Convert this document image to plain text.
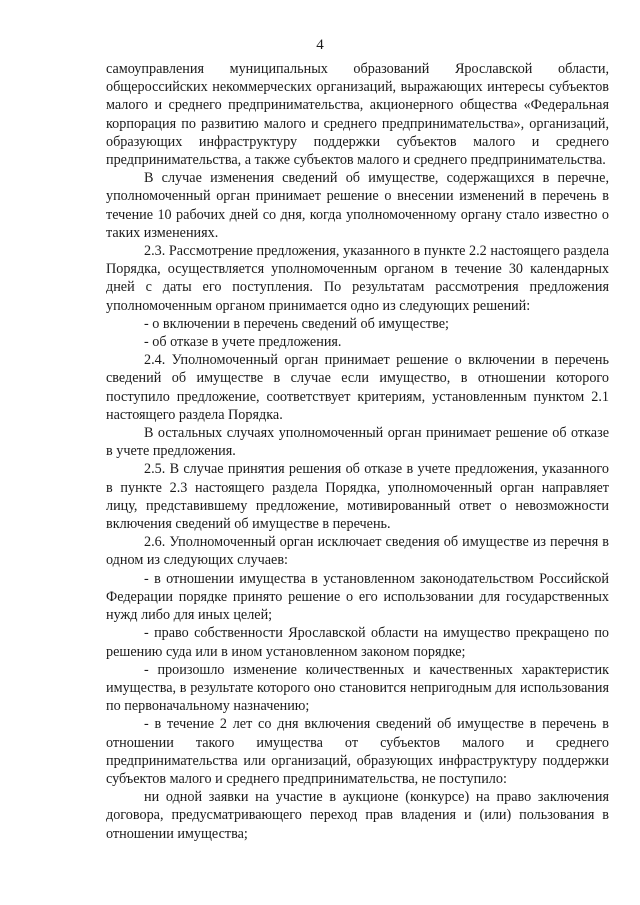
4

самоуправления муниципальных образований Ярославской области, общероссийских некоммерческих организаций, выражающих интересы субъектов малого и среднего предпринимательства, акционерного общества «Федеральная корпорация по развитию малого и среднего предпринимательства», организаций, образующих инфраструктуру поддержки субъектов малого и среднего предпринимательства, а также субъектов малого и среднего предпринимательства.

В случае изменения сведений об имуществе, содержащихся в перечне, уполномоченный орган принимает решение о внесении изменений в перечень в течение 10 рабочих дней со дня, когда уполномоченному органу стало известно о таких изменениях.

2.3. Рассмотрение предложения, указанного в пункте 2.2 настоящего раздела Порядка, осуществляется уполномоченным органом в течение 30 календарных дней с даты его поступления. По результатам рассмотрения предложения уполномоченным органом принимается одно из следующих решений:

- о включении в перечень сведений об имуществе;

- об отказе в учете предложения.

2.4. Уполномоченный орган принимает решение о включении в перечень сведений об имуществе в случае если имущество, в отношении которого поступило предложение, соответствует критериям, установленным пунктом 2.1 настоящего раздела Порядка.

В остальных случаях уполномоченный орган принимает решение об отказе в учете предложения.

2.5. В случае принятия решения об отказе в учете предложения, указанного в пункте 2.3 настоящего раздела Порядка, уполномоченный орган направляет лицу, представившему предложение, мотивированный ответ о невозможности включения сведений об имуществе в перечень.

2.6. Уполномоченный орган исключает сведения об имуществе из перечня в одном из следующих случаев:

- в отношении имущества в установленном законодательством Российской Федерации порядке принято решение о его использовании для государственных нужд либо для иных целей;

- право собственности Ярославской области на имущество прекращено по решению суда или в ином установленном законом порядке;

- произошло изменение количественных и качественных характеристик имущества, в результате которого оно становится непригодным для использования по первоначальному назначению;

- в течение 2 лет со дня включения сведений об имуществе в перечень в отношении такого имущества от субъектов малого и среднего предпринимательства или организаций, образующих инфраструктуру поддержки субъектов малого и среднего предпринимательства, не поступило:

ни одной заявки на участие в аукционе (конкурсе) на право заключения договора, предусматривающего переход прав владения и (или) пользования в отношении имущества;
